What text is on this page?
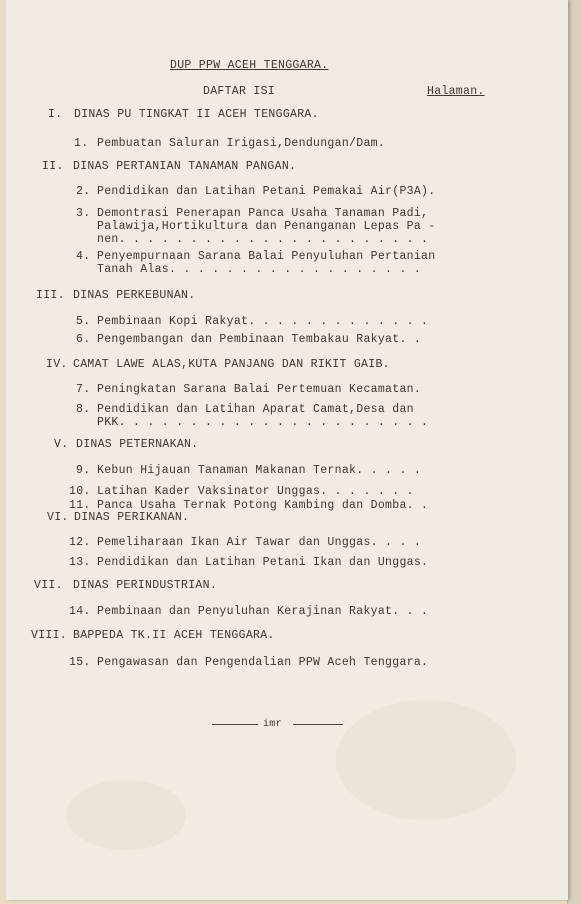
DUP PPW ACEH TENGGARA.
DAFTAR ISI	Halaman.
I. DINAS PU TINGKAT II ACEH TENGGARA.
1. Pembuatan Saluran Irigasi,Dendungan/Dam.
II. DINAS PERTANIAN TANAMAN PANGAN.
2. Pendidikan dan Latihan Petani Pemakai Air(P3A).
3. Demontrasi Penerapan Panca Usaha Tanaman Padi,
Palawija,Hortikultura dan Penanganan Lepas Pa -
nen. . . . . . . . . . . . . . . . . . . . . .
4. Penyempurnaan Sarana Balai Penyuluhan Pertanian
Tanah Alas. . . . . . . . . . . . . . . . . .
III. DINAS PERKEBUNAN.
5. Pembinaan Kopi Rakyat. . . . . . . . . . . . .
6. Pengembangan dan Pembinaan Tembakau Rakyat. .
IV. CAMAT LAWE ALAS,KUTA PANJANG DAN RIKIT GAIB.
7. Peningkatan Sarana Balai Pertemuan Kecamatan.
8. Pendidikan dan Latihan Aparat Camat,Desa dan
PKK. . . . . . . . . . . . . . . . . . . . . .
V. DINAS PETERNAKAN.
9. Kebun Hijauan Tanaman Makanan Ternak. . . . .
10. Latihan Kader Vaksinator Unggas. . . . . . .
11. Panca Usaha Ternak Potong Kambing dan Domba. .
VI. DINAS PERIKANAN.
12. Pemeliharaan Ikan Air Tawar dan Unggas. . . .
13. Pendidikan dan Latihan Petani Ikan dan Unggas.
VII. DINAS PERINDUSTRIAN.
14. Pembinaan dan Penyuluhan Kerajinan Rakyat. . .
VIII. BAPPEDA TK.II ACEH TENGGARA.
15. Pengawasan dan Pengendalian PPW Aceh Tenggara.
imr
